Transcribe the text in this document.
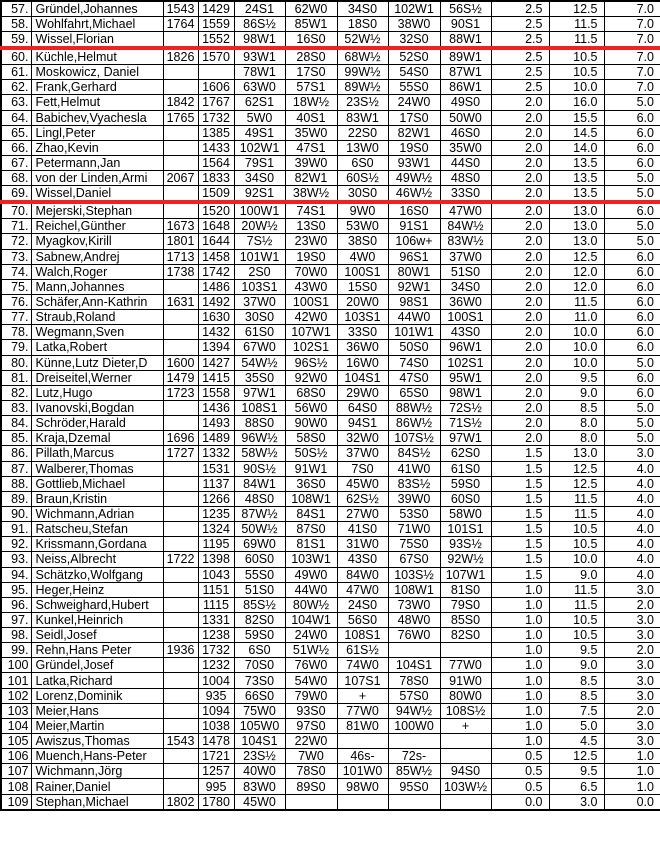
57.	Gründel,Johannes	1543	1429	24S1	62W0	34S0	102W1	56S½	2.5	12.5	7.0
58.	Wohlfahrt,Michael	1764	1559	86S½	85W1	18S0	38W0	90S1	2.5	11.5	7.0
59.	Wissel,Florian		1552	98W1	16S0	52W½	32S0	88W1	2.5	11.5	7.0
60.	Küchle,Helmut	1826	1570	93W1	28S0	68W½	52S0	89W1	2.5	10.5	7.0
61.	Moskowicz, Daniel			78W1	17S0	99W½	54S0	87W1	2.5	10.5	7.0
62.	Frank,Gerhard		1606	63W0	57S1	89W½	55S0	86W1	2.5	10.0	7.0
63.	Fett,Helmut	1842	1767	62S1	18W½	23S½	24W0	49S0	2.0	16.0	5.0
64.	Babichev,Vyachesla	1765	1732	5W0	40S1	83W1	17S0	50W0	2.0	15.5	6.0
65.	Lingl,Peter		1385	49S1	35W0	22S0	82W1	46S0	2.0	14.5	6.0
66.	Zhao,Kevin		1433	102W1	47S1	13W0	19S0	35W0	2.0	14.0	6.0
67.	Petermann,Jan		1564	79S1	39W0	6S0	93W1	44S0	2.0	13.5	6.0
68.	von der Linden,Armi	2067	1833	34S0	82W1	60S½	49W½	48S0	2.0	13.5	5.0
69.	Wissel,Daniel		1509	92S1	38W½	30S0	46W½	33S0	2.0	13.5	5.0
70.	Mejerski,Stephan		1520	100W1	74S1	9W0	16S0	47W0	2.0	13.0	6.0
71.	Reichel,Günther	1673	1648	20W½	13S0	53W0	91S1	84W½	2.0	13.0	5.0
72.	Myagkov,Kirill	1801	1644	7S½	23W0	38S0	106w+	83W½	2.0	13.0	5.0
73.	Sabnew,Andrej	1713	1458	101W1	19S0	4W0	96S1	37W0	2.0	12.5	6.0
74.	Walch,Roger	1738	1742	2S0	70W0	100S1	80W1	51S0	2.0	12.0	6.0
75.	Mann,Johannes		1486	103S1	43W0	15S0	92W1	34S0	2.0	12.0	6.0
76.	Schäfer,Ann-Kathrin	1631	1492	37W0	100S1	20W0	98S1	36W0	2.0	11.5	6.0
77.	Straub,Roland		1630	30S0	42W0	103S1	44W0	100S1	2.0	11.0	6.0
78.	Wegmann,Sven		1432	61S0	107W1	33S0	101W1	43S0	2.0	10.0	6.0
79.	Latka,Robert		1394	67W0	102S1	36W0	50S0	96W1	2.0	10.0	6.0
80.	Künne,Lutz Dieter,D	1600	1427	54W½	96S½	16W0	74S0	102S1	2.0	10.0	5.0
81.	Dreiseitel,Werner	1479	1415	35S0	92W0	104S1	47S0	95W1	2.0	9.5	6.0
82.	Lutz,Hugo	1723	1558	97W1	68S0	29W0	65S0	98W1	2.0	9.0	6.0
83.	Ivanovski,Bogdan		1436	108S1	56W0	64S0	88W½	72S½	2.0	8.5	5.0
84.	Schröder,Harald		1493	88S0	90W0	94S1	86W½	71S½	2.0	8.0	5.0
85.	Kraja,Dzemal	1696	1489	96W½	58S0	32W0	107S½	97W1	2.0	8.0	5.0
86.	Pillath,Marcus	1727	1332	58W½	50S½	37W0	84S½	62S0	1.5	13.0	3.0
87.	Walberer,Thomas		1531	90S½	91W1	7S0	41W0	61S0	1.5	12.5	4.0
88.	Gottlieb,Michael		1137	84W1	36S0	45W0	83S½	59S0	1.5	12.5	4.0
89.	Braun,Kristin		1266	48S0	108W1	62S½	39W0	60S0	1.5	11.5	4.0
90.	Wichmann,Adrian		1235	87W½	84S1	27W0	53S0	58W0	1.5	11.5	4.0
91.	Ratscheu,Stefan		1324	50W½	87S0	41S0	71W0	101S1	1.5	10.5	4.0
92.	Krissmann,Gordana		1195	69W0	81S1	31W0	75S0	93S½	1.5	10.5	4.0
93.	Neiss,Albrecht	1722	1398	60S0	103W1	43S0	67S0	92W½	1.5	10.0	4.0
94.	Schätzko,Wolfgang		1043	55S0	49W0	84W0	103S½	107W1	1.5	9.0	4.0
95.	Heger,Heinz		1151	51S0	44W0	47W0	108W1	81S0	1.0	11.5	3.0
96.	Schweighard,Hubert		1115	85S½	80W½	24S0	73W0	79S0	1.0	11.5	2.0
97.	Kunkel,Heinrich		1331	82S0	104W1	56S0	48W0	85S0	1.0	10.5	3.0
98.	Seidl,Josef		1238	59S0	24W0	108S1	76W0	82S0	1.0	10.5	3.0
99.	Rehn,Hans Peter	1936	1732	6S0	51W½	61S½			1.0	9.5	2.0
100	Gründel,Josef		1232	70S0	76W0	74W0	104S1	77W0	1.0	9.0	3.0
101	Latka,Richard		1004	73S0	54W0	107S1	78S0	91W0	1.0	8.5	3.0
102	Lorenz,Dominik		935	66S0	79W0	+	57S0	80W0	1.0	8.5	3.0
103	Meier,Hans		1094	75W0	93S0	77W0	94W½	108S½	1.0	7.5	2.0
104	Meier,Martin		1038	105W0	97S0	81W0	100W0	+	1.0	5.0	3.0
105	Awiszus,Thomas	1543	1478	104S1	22W0				1.0	4.5	3.0
106	Muench,Hans-Peter		1721	23S½	7W0	46s-	72s-		0.5	12.5	1.0
107	Wichmann,Jörg		1257	40W0	78S0	101W0	85W½	94S0	0.5	9.5	1.0
108	Rainer,Daniel		995	83W0	89S0	98W0	95S0	103W½	0.5	6.5	1.0
109	Stephan,Michael	1802	1780	45W0					0.0	3.0	0.0
